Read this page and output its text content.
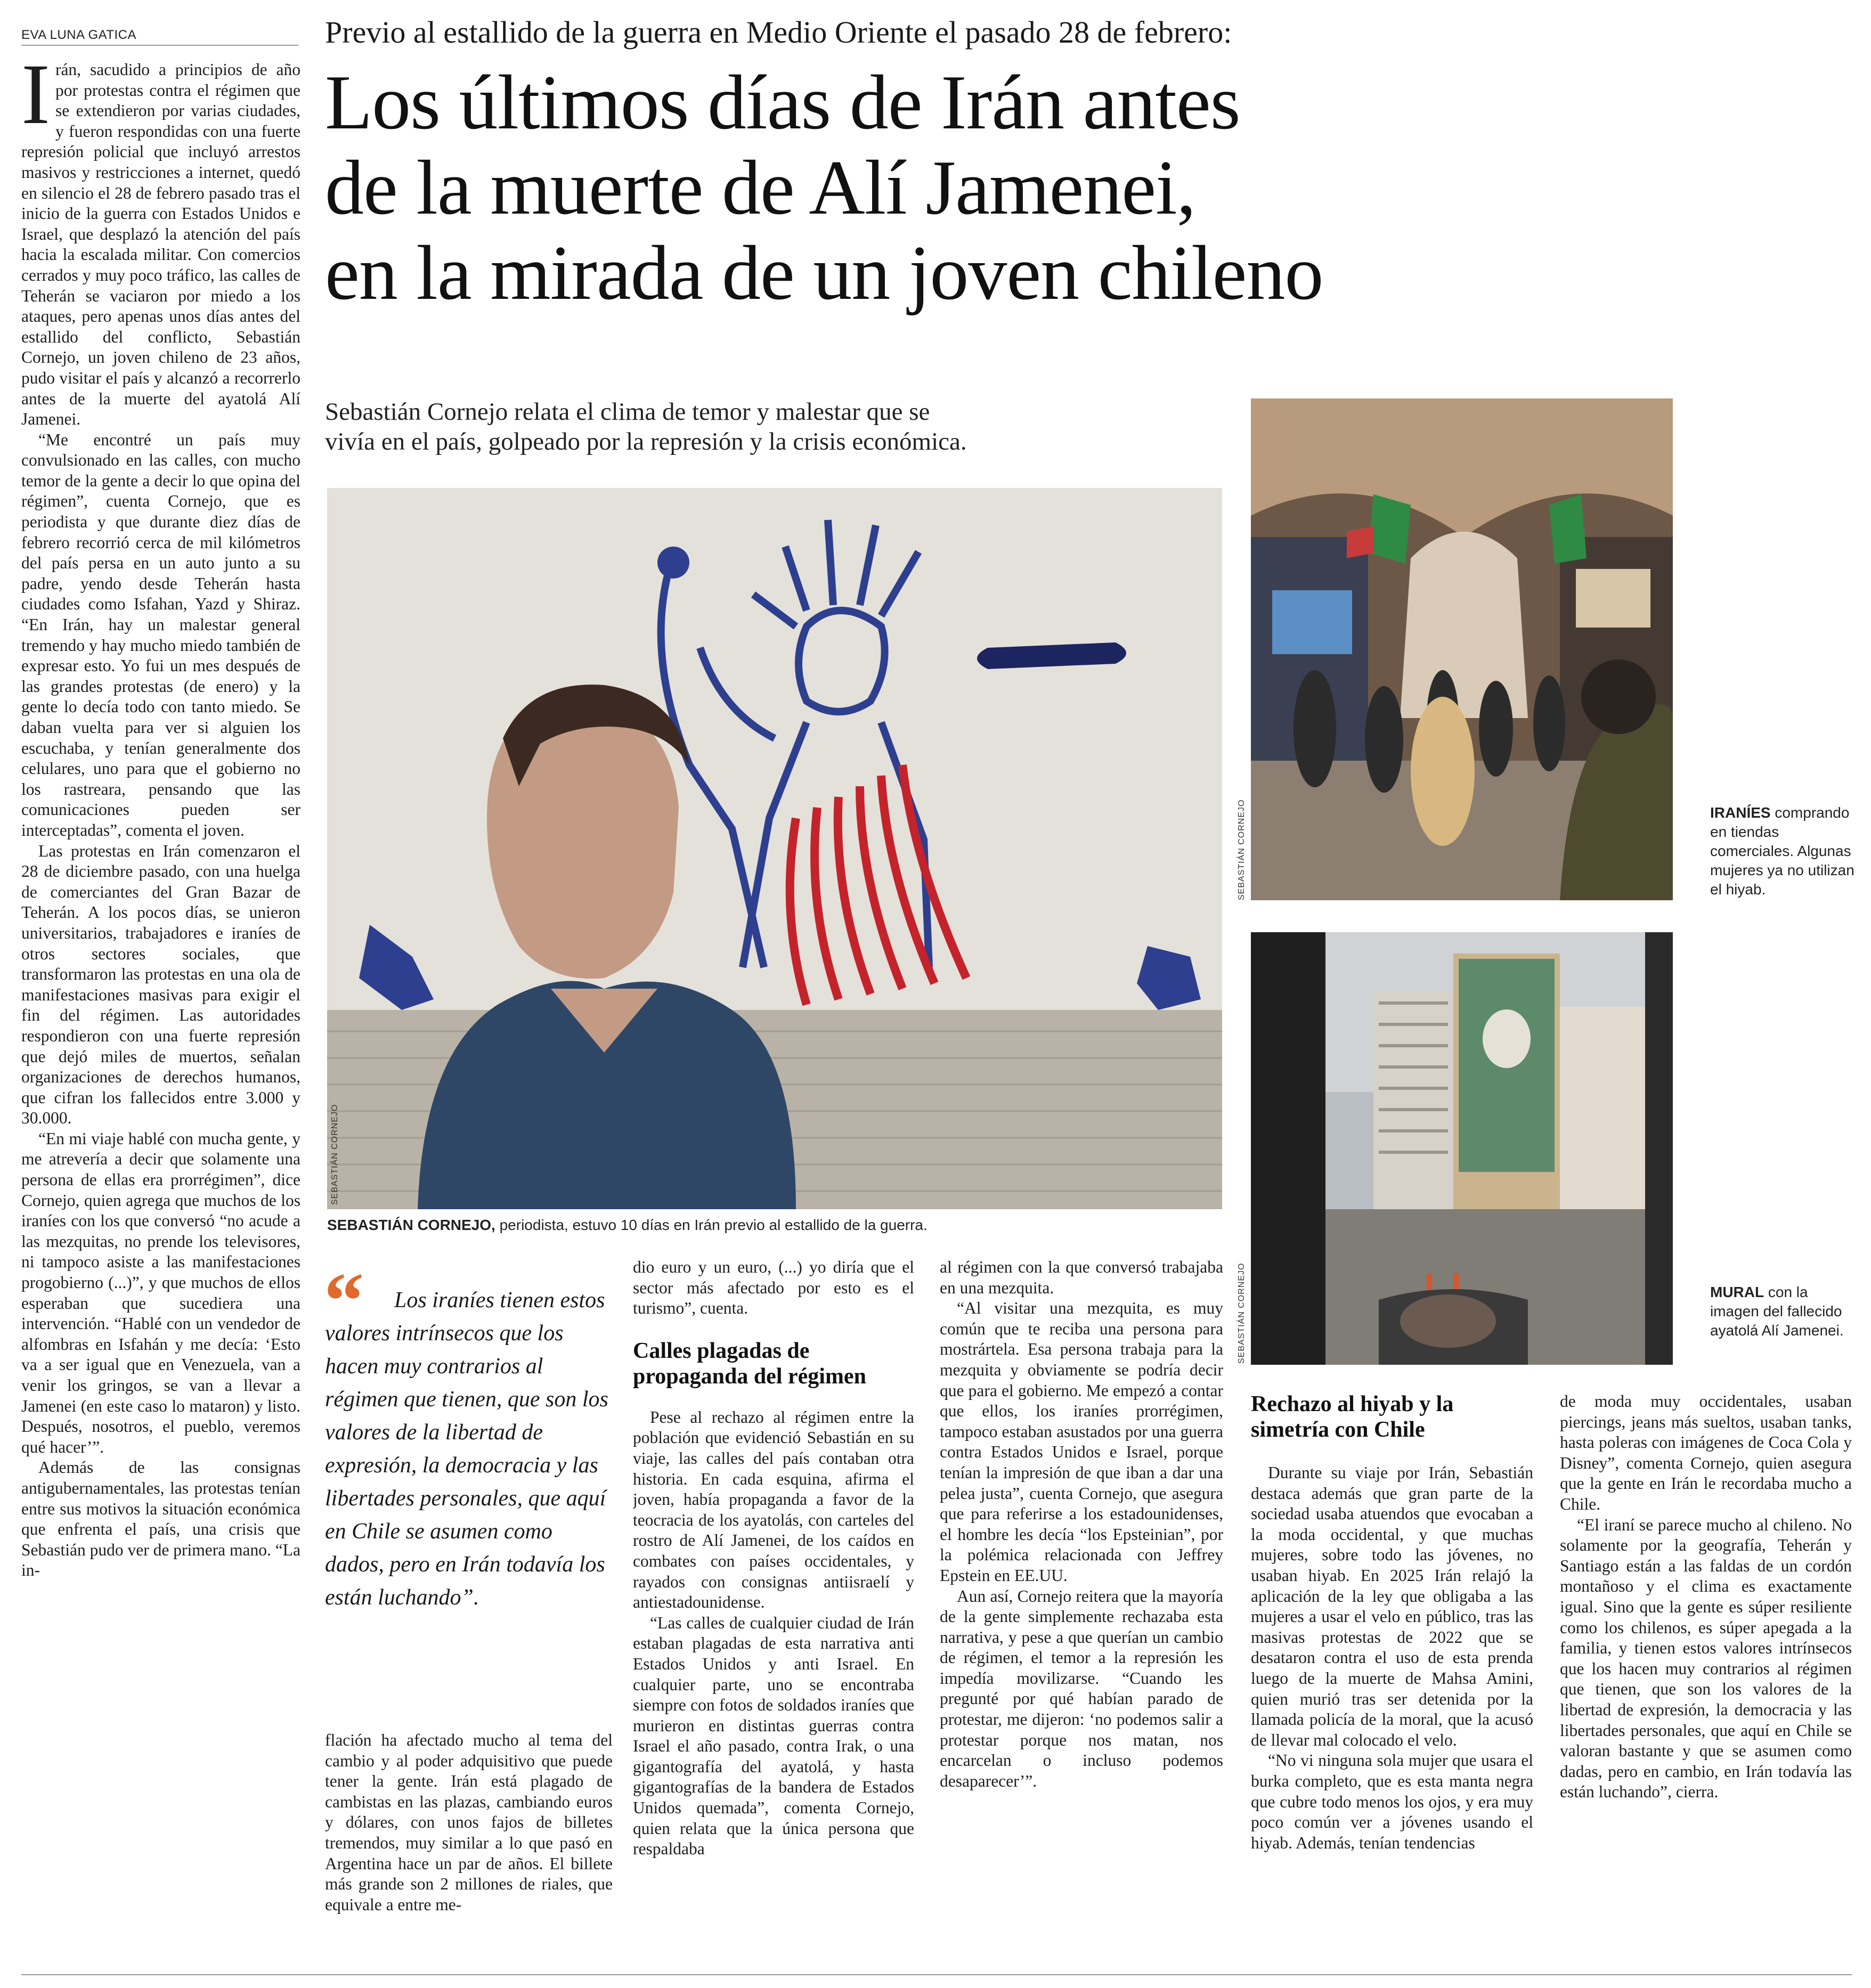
EVA LUNA GATICA

Irán, sacudido a principios de año por protestas contra el régimen que se extendieron por varias ciudades, y fueron respondidas con una fuerte represión policial que incluyó arrestos masivos y restricciones a internet, quedó en silencio el 28 de febrero pasado tras el inicio de la guerra con Estados Unidos e Israel, que desplazó la atención del país hacia la escalada militar. Con comercios cerrados y muy poco tráfico, las calles de Teherán se vaciaron por miedo a los ataques, pero apenas unos días antes del estallido del conflicto, Sebastián Cornejo, un joven chileno de 23 años, pudo visitar el país y alcanzó a recorrerlo antes de la muerte del ayatolá Alí Jamenei.

“Me encontré un país muy convulsionado en las calles, con mucho temor de la gente a decir lo que opina del régimen”, cuenta Cornejo, que es periodista y que durante diez días de febrero recorrió cerca de mil kilómetros del país persa en un auto junto a su padre, yendo desde Teherán hasta ciudades como Isfahan, Yazd y Shiraz. “En Irán, hay un malestar general tremendo y hay mucho miedo también de expresar esto. Yo fui un mes después de las grandes protestas (de enero) y la gente lo decía todo con tanto miedo. Se daban vuelta para ver si alguien los escuchaba, y tenían generalmente dos celulares, uno para que el gobierno no los rastreara, pensando que las comunicaciones pueden ser interceptadas”, comenta el joven.

Las protestas en Irán comenzaron el 28 de diciembre pasado, con una huelga de comerciantes del Gran Bazar de Teherán. A los pocos días, se unieron universitarios, trabajadores e iraníes de otros sectores sociales, que transformaron las protestas en una ola de manifestaciones masivas para exigir el fin del régimen. Las autoridades respondieron con una fuerte represión que dejó miles de muertos, señalan organizaciones de derechos humanos, que cifran los fallecidos entre 3.000 y 30.000.

“En mi viaje hablé con mucha gente, y me atrevería a decir que solamente una persona de ellas era prorrégimen”, dice Cornejo, quien agrega que muchos de los iraníes con los que conversó “no acude a las mezquitas, no prende los televisores, ni tampoco asiste a las manifestaciones progobierno (...)”, y que muchos de ellos esperaban que sucediera una intervención. “Hablé con un vendedor de alfombras en Isfahán y me decía: ‘Esto va a ser igual que en Venezuela, van a venir los gringos, se van a llevar a Jamenei (en este caso lo mataron) y listo. Después, nosotros, el pueblo, veremos qué hacer’”.

Además de las consignas antigubernamentales, las protestas tenían entre sus motivos la situación económica que enfrenta el país, una crisis que Sebastián pudo ver de primera mano. “La in-

Previo al estallido de la guerra en Medio Oriente el pasado 28 de febrero:
Los últimos días de Irán antes
de la muerte de Alí Jamenei,
en la mirada de un joven chileno
Sebastián Cornejo relata el clima de temor y malestar que se
vivía en el país, golpeado por la represión y la crisis económica.
SEBASTIÁN CORNEJO
SEBASTIÁN CORNEJO, periodista, estuvo 10 días en Irán previo al estallido de la guerra.
SEBASTIÁN CORNEJO	IRANÍES comprando en tiendas comerciales. Algunas mujeres ya no utilizan el hiyab.
SEBASTIÁN CORNEJO	MURAL con la imagen del fallecido ayatolá Alí Jamenei.
“	Los iraníes tienen estos valores intrínsecos que los hacen muy contrarios al régimen que tienen, que son los valores de la libertad de expresión, la democracia y las libertades personales, que aquí en Chile se asumen como dados, pero en Irán todavía los están luchando”.

flación ha afectado mucho al tema del cambio y al poder adquisitivo que puede tener la gente. Irán está plagado de cambistas en las plazas, cambiando euros y dólares, con unos fajos de billetes tremendos, muy similar a lo que pasó en Argentina hace un par de años. El billete más grande son 2 millones de riales, que equivale a entre me-

dio euro y un euro, (...) yo diría que el sector más afectado por esto es el turismo”, cuenta.

Calles plagadas de propaganda del régimen

Pese al rechazo al régimen entre la población que evidenció Sebastián en su viaje, las calles del país contaban otra historia. En cada esquina, afirma el joven, había propaganda a favor de la teocracia de los ayatolás, con carteles del rostro de Alí Jamenei, de los caídos en combates con países occidentales, y rayados con consignas antiisraelí y antiestadounidense.

“Las calles de cualquier ciudad de Irán estaban plagadas de esta narrativa anti Estados Unidos y anti Israel. En cualquier parte, uno se encontraba siempre con fotos de soldados iraníes que murieron en distintas guerras contra Israel el año pasado, contra Irak, o una gigantografía del ayatolá, y hasta gigantografías de la bandera de Estados Unidos quemada”, comenta Cornejo, quien relata que la única persona que respaldaba

al régimen con la que conversó trabajaba en una mezquita.

“Al visitar una mezquita, es muy común que te reciba una persona para mostrártela. Esa persona trabaja para la mezquita y obviamente se podría decir que para el gobierno. Me empezó a contar que ellos, los iraníes prorrégimen, tampoco estaban asustados por una guerra contra Estados Unidos e Israel, porque tenían la impresión de que iban a dar una pelea justa”, cuenta Cornejo, que asegura que para referirse a los estadounidenses, el hombre les decía “los Epsteinian”, por la polémica relacionada con Jeffrey Epstein en EE.UU.

Aun así, Cornejo reitera que la mayoría de la gente simplemente rechazaba esta narrativa, y pese a que querían un cambio de régimen, el temor a la represión les impedía movilizarse. “Cuando les pregunté por qué habían parado de protestar, me dijeron: ‘no podemos salir a protestar porque nos matan, nos encarcelan o incluso podemos desaparecer’”.

Rechazo al hiyab y la simetría con Chile

Durante su viaje por Irán, Sebastián destaca además que gran parte de la sociedad usaba atuendos que evocaban a la moda occidental, y que muchas mujeres, sobre todo las jóvenes, no usaban hiyab. En 2025 Irán relajó la aplicación de la ley que obligaba a las mujeres a usar el velo en público, tras las masivas protestas de 2022 que se desataron contra el uso de esta prenda luego de la muerte de Mahsa Amini, quien murió tras ser detenida por la llamada policía de la moral, que la acusó de llevar mal colocado el velo.

“No vi ninguna sola mujer que usara el burka completo, que es esta manta negra que cubre todo menos los ojos, y era muy poco común ver a jóvenes usando el hiyab. Además, tenían tendencias

de moda muy occidentales, usaban piercings, jeans más sueltos, usaban tanks, hasta poleras con imágenes de Coca Cola y Disney”, comenta Cornejo, quien asegura que la gente en Irán le recordaba mucho a Chile.

“El iraní se parece mucho al chileno. No solamente por la geografía, Teherán y Santiago están a las faldas de un cordón montañoso y el clima es exactamente igual. Sino que la gente es súper resiliente como los chilenos, es súper apegada a la familia, y tienen estos valores intrínsecos que los hacen muy contrarios al régimen que tienen, que son los valores de la libertad de expresión, la democracia y las libertades personales, que aquí en Chile se valoran bastante y que se asumen como dadas, pero en cambio, en Irán todavía las están luchando”, cierra.
